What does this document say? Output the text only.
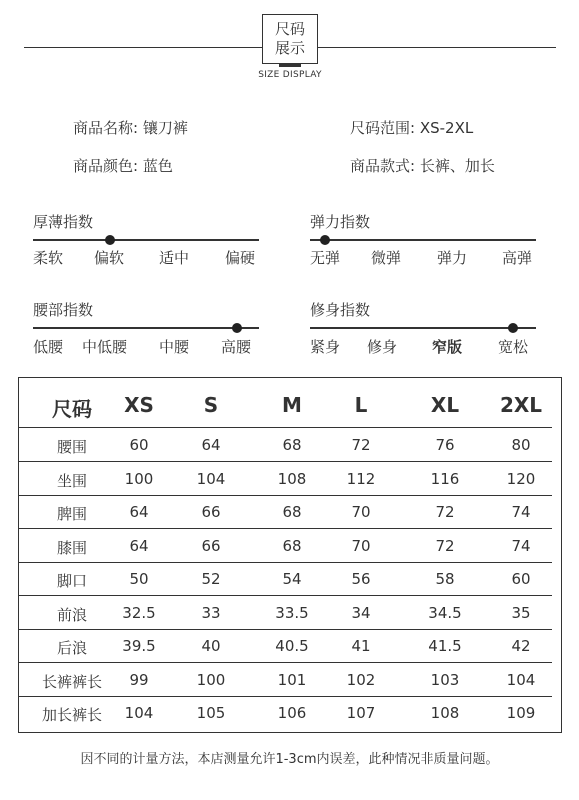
尺码
展示
SIZE DISPLAY
商品名称: 镶刀裤	尺码范围: XS-2XL
商品颜色: 蓝色	商品款式: 长裤、加长
厚薄指数
柔软 偏软 适中 偏硬
弹力指数
无弹 微弹 弹力 高弹
腰部指数
低腰 中低腰 中腰 高腰
修身指数
紧身 修身 窄版 宽松
尺码	XS	S	M	L	XL	2XL
腰围	60	64	68	72	76	80
坐围	100	104	108	112	116	120
脾围	64	66	68	70	72	74
膝围	64	66	68	70	72	74
脚口	50	52	54	56	58	60
前浪	32.5	33	33.5	34	34.5	35
后浪	39.5	40	40.5	41	41.5	42
长裤裤长	99	100	101	102	103	104
加长裤长	104	105	106	107	108	109
因不同的计量方法，本店测量允许1-3cm内误差，此种情况非质量问题。
